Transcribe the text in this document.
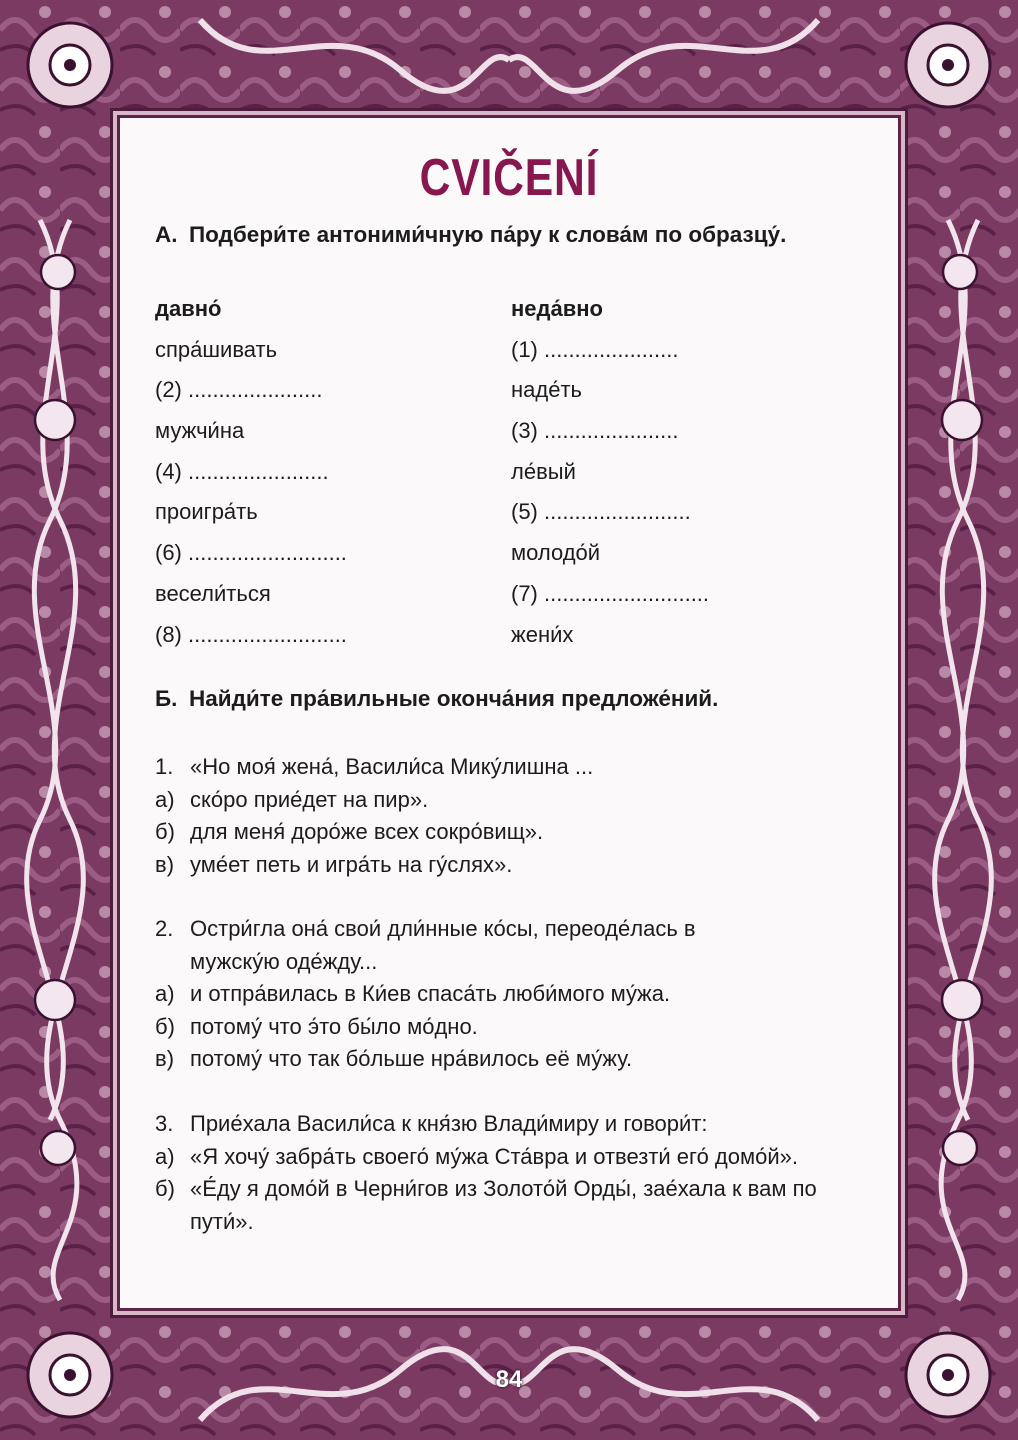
CVIČENÍ
A. Подбери́те антоними́чную па́ру к слова́м по образцу́.
давно́
спра́шивать
(2) ......................
мужчи́на
(4) .......................
проигра́ть
(6) ..........................
весели́ться
(8) ..........................
неда́вно
(1) ......................
наде́ть
(3) ......................
ле́вый
(5) ........................
молодо́й
(7) ...........................
жени́х
Б. Найди́те пра́вильные оконча́ния предложе́ний.
1. «Но моя́ жена́, Васили́са Мику́лишна ...
а) ско́ро прие́дет на пир».
б) для меня́ доро́же всех сокро́вищ».
в) уме́ет петь и игра́ть на гу́слях».
2. Остри́гла она́ свои́ дли́нные ко́сы, переоде́лась в мужску́ю оде́жду...
а) и отпра́вилась в Ки́ев спаса́ть люби́мого му́жа.
б) потому́ что э́то бы́ло мо́дно.
в) потому́ что так бо́льше нра́вилось её му́жу.
3. Прие́хала Васили́са к кня́зю Влади́миру и говори́т:
а) «Я хочу́ забра́ть своего́ му́жа Ста́вра и отвезти́ его́ домо́й».
б) «Е́ду я домо́й в Черни́гов из Золото́й Орды́, зае́хала к вам по пути́».
84
